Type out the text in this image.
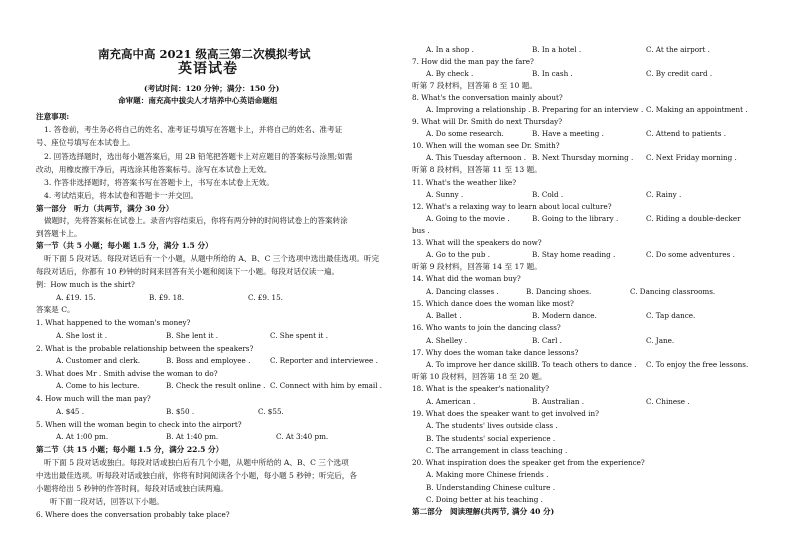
南充高中高 2021 级高三第二次模拟考试
英语试卷
(考试时间：120 分钟；满分：150 分)
命审题：南充高中拔尖人才培养中心英语命题组
注意事项:
1. 答卷前，考生务必将自己的姓名、准考证号填写在答题卡上，并将自己的姓名、准考证
号、座位号填写在本试卷上。
2. 回答选择题时，选出每小题答案后，用 2B 铅笔把答题卡上对应题目的答案标号涂黑;如需
改动，用橡皮擦干净后，再选涂其他答案标号。涂写在本试卷上无效。
3. 作答非选择题时，将答案书写在答题卡上，书写在本试卷上无效。
4. 考试结束后，将本试卷和答题卡一并交回。
第一部分　听力（共两节，满分 30 分）
做题时，先将答案标在试卷上。录音内容结束后，你将有两分钟的时间将试卷上的答案转涂
到答题卡上。
第一节（共 5 小题；每小题 1.5 分，满分 1.5 分）
听下面 5 段对话。每段对话后有一个小题，从题中所给的 A、B、C 三个选项中选出最佳选项。听完
每段对话后，你都有 10 秒钟的时间来回答有关小题和阅读下一小题。每段对话仅读一遍。
例：How much is the shirt?
A. £19. 15.	B. £9. 18.	C. £9. 15.
答案是 C。
1. What happened to the woman's money?
A. She lost it .	B. She lent it .	C. She spent it .
2. What is the probable relationship between the speakers?
A. Customer and clerk.	B. Boss and employee .	C. Reporter and interviewee .
3. What does Mr . Smith advise the woman to do?
A. Come to his lecture.	B. Check the result online . C. Connect with him by email .
4. How much will the man pay?
A. $45 .	B. $50 .	C. $55.
5. When will the woman begin to check into the airport?
A. At 1:00 pm.	B. At 1:40 pm.	C. At 3:40 pm.
第二节（共 15 小题；每小题 1.5 分，满分 22.5 分）
听下面 5 段对话或独白。每段对话或独白后有几个小题，从题中所给的 A、B、C 三个选项
中选出最佳选项。听每段对话或独白前，你将有时间阅读各个小题，每小题 5 秒钟；听完后，各
小题将给出 5 秒钟的作答时间。每段对话或独白读两遍。
听下面一段对话，回答以下小题。
6. Where does the conversation probably take place?
A. In a shop .	B. In a hotel .	C. At the airport .
7. How did the man pay the fare?
A. By check .	B. In cash .	C. By credit card .
听第 7 段材料，回答第 8 至 10 题。
8. What's the conversation mainly about?
A. Improving a relationship . B. Preparing for an interview . C. Making an appointment .
9. What will Dr. Smith do next Thursday?
A. Do some research.	B. Have a meeting .	C. Attend to patients .
10. When will the woman see Dr. Smith?
A. This Tuesday afternoon . B. Next Thursday morning . C. Next Friday morning .
听第 8 段材料，回答第 11 至 13 题。
11. What's the weather like?
A. Sunny .	B. Cold .	C. Rainy .
12. What's a relaxing way to learn about local culture?
A. Going to the movie .	B. Going to the library .	C. Riding a double-decker
bus .
13. What will the speakers do now?
A. Go to the pub .	B. Stay home reading .	C. Do some adventures .
听第 9 段材料，回答第 14 至 17 题。
14. What did the woman buy?
A. Dancing classes .	B. Dancing shoes.	C. Dancing classrooms.
15. Which dance does the woman like most?
A. Ballet .	B. Modern dance.	C. Tap dance.
16. Who wants to join the dancing class?
A. Shelley .	B. Carl .	C. Jane.
17. Why does the woman take dance lessons?
A. To improve her dance skill .
B. To teach others to dance . C. To enjoy the free lessons.
听第 10 段材料，回答第 18 至 20 题。
18. What is the speaker's nationality?
A. American .	B. Australian .	C. Chinese .
19. What does the speaker want to get involved in?
A. The students' lives outside class .
B. The students' social experience .
C. The arrangement in class teaching .
20. What inspiration does the speaker get from the experience?
A. Making more Chinese friends .
B. Understanding Chinese culture .
C. Doing better at his teaching .
第二部分　阅读理解(共两节, 满分 40 分)
